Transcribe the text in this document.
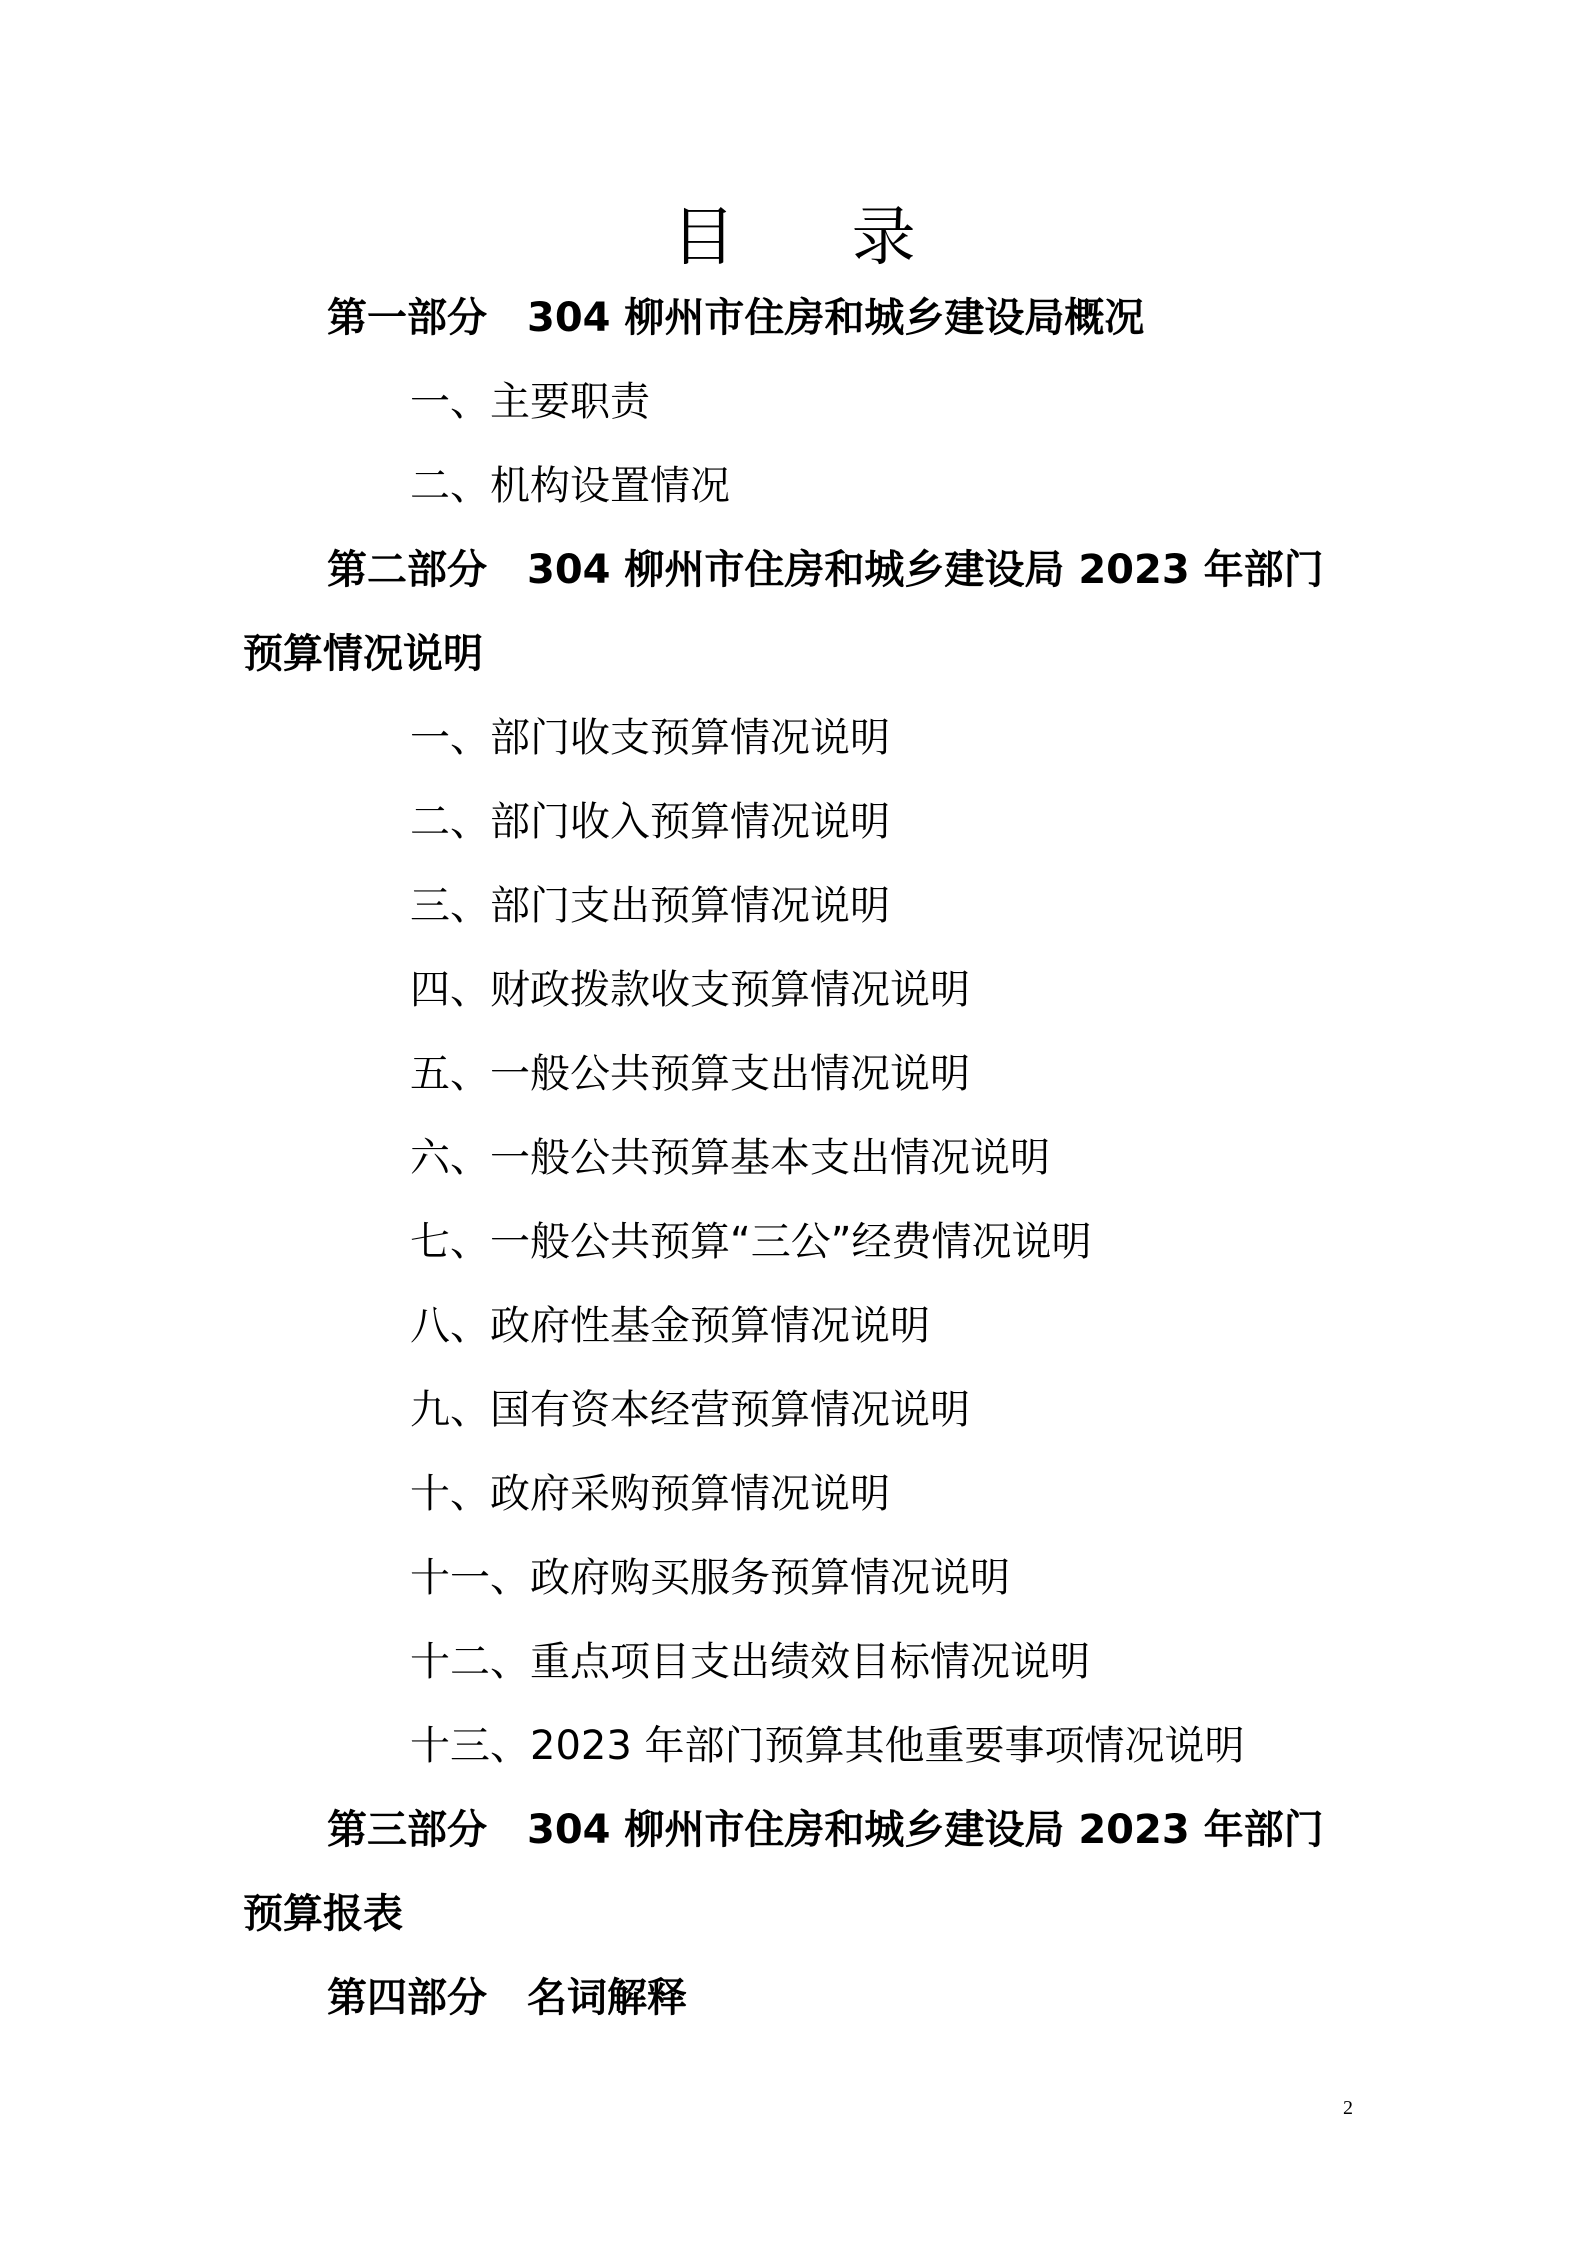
目 录
第一部分 304 柳州市住房和城乡建设局概况
一、主要职责
二、机构设置情况
第二部分 304 柳州市住房和城乡建设局 2023 年部门
预算情况说明
一、部门收支预算情况说明
二、部门收入预算情况说明
三、部门支出预算情况说明
四、财政拨款收支预算情况说明
五、一般公共预算支出情况说明
六、一般公共预算基本支出情况说明
七、一般公共预算“三公”经费情况说明
八、政府性基金预算情况说明
九、国有资本经营预算情况说明
十、政府采购预算情况说明
十一、政府购买服务预算情况说明
十二、重点项目支出绩效目标情况说明
十三、2023 年部门预算其他重要事项情况说明
第三部分 304 柳州市住房和城乡建设局 2023 年部门
预算报表
第四部分 名词解释
2
